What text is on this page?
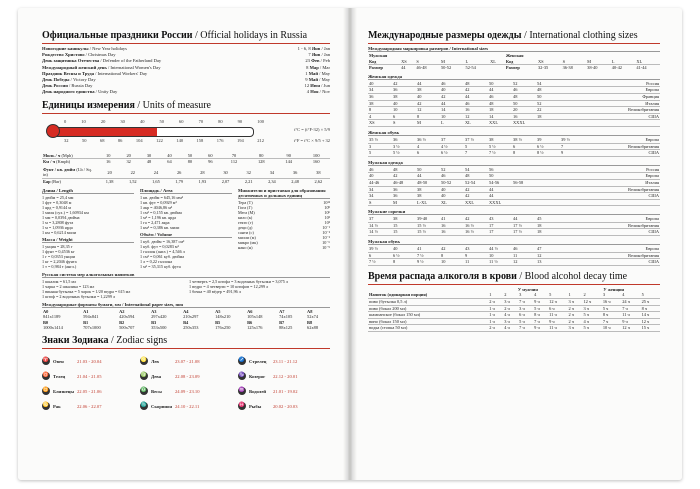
Официальные праздники России / Official holidays in Russia
Новогодние каникулы / New Year holidays	1 - 6, 8 Янв / Jan
Рождество Христово / Christmas Day	7 Янв / Jan
День защитника Отечества / Defender of the Fatherland Day	23 Фев / Feb
Международный женский день / International Women's Day	8 Мар / Mar
Праздник Весны и Труда / International Workers' Day	1 Май / May
День Победы / Victory Day	9 Май / May
День России / Russia Day	12 Июн / Jun
День народного единства / Unity Day	4 Ноя / Nov
Единицы измерения / Units of measure
0	10	20	30	40	50	60	70	80	90	100
32	50	68	86	104	122	140	158	176	194	212
t°C = (t°F-32) × 5/9
t°F = t°C × 9/5 + 32
Миль / ч (Mph)	10	20	30	40	50	60	70	80	90	100
Км / ч (Kmph)	16	32	48	64	80	96	112	128	144	160
Фунт / кв. дюйм (Lb / Sq. in)	20	22	24	26	28	30	32	34	36	38
Бар (Bar)	1,38	1,52	1,65	1,79	1,93	2,07	2,21	2,34	2,48	2,62
Длина / Length
1 дюйм = 25,4 мм
1 фут = 0,3048 м
1 ярд = 0,9144 м
1 миля (сух.) = 1,60934 км
1 мм = 0,0394 дюйма
1 м = 3,2808 фута
1 м = 1,0936 ярда
1 км = 0,6214 мили
Масса / Weight
1 унция = 28,35 г
1 фунт = 0,4536 кг
1 г = 0,0353 унции
1 кг = 2,2046 фунта
1 т = 0,984 т (англ.)
Площадь / Area
1 кв. дюйм = 645,16 мм²
1 кв. фут = 0,0929 м²
1 акр = 4046,86 м²
1 см² = 0,155 кв. дюйма
1 м² = 1,196 кв. ярда
1 га = 2,471 акра
1 км² = 0,386 кв. мили
Объём / Volume
1 куб. дюйм = 16,387 см³
1 куб. фут = 0,0283 м³
1 галлон (англ.) = 4,546 л
1 см³ = 0,061 куб. дюйма
1 л = 0,22 галлона
1 м³ = 35,315 куб. фута
Множители и приставки для образования десятичных и дольных единиц
Тера (Т)	10¹²
Гига (Г)	10⁹
Мега (М)	10⁶
кило (к)	10³
гекто (г)	10²
деци (д)	10⁻¹
санти (с)	10⁻²
милли (м)	10⁻³
микро (мк)	10⁻⁶
нано (н)	10⁻⁹
Русская система мер алкогольных напитков
1 шкалик = 61,5 мл
1 чарка = 2 шкалика = 123 мл
1 винная бутылка = 5 чарок = 1/20 ведра = 615 мл
1 штоф = 2 водочных бутылки = 1,2299 л
1 четверть = 2,5 штофа = 3 водочных бутылки = 3,075 л
1 ведро = 4 четверти = 10 штофов = 12,299 л
1 бочка = 40 вёдер = 491,96 л
Международные форматы бумаги, мм / International paper sizes, mm
A0	A1	A2	A3	A4	A5	A6	A7	A8
841х1189	594х841	420х594	297х420	210х297	148х210	105х148	74х105	52х74
B0	B1	B2	B3	B4	B5	B6	B7	B8
1000х1414	707х1000	500х707	353х500	250х353	176х250	125х176	88х125	62х88
Знаки Зодиака / Zodiac signs
♈ Овен	21.03 - 20.04	♌ Лев	23.07 - 21.08	♐ Стрелец	23.11 - 21.12
♉ Телец	21.04 - 21.05	♍ Дева	22.08 - 23.09	♑ Козерог	22.12 - 20.01
♊ Близнецы 22.05 - 21.06	♎ Весы	24.09 - 23.10	♒ Водолей	21.01 - 19.02
♋ Рак	22.06 - 22.07	♏ Скорпион 24.10 - 22.11	♓ Рыбы	20.02 - 20.03
Международные размеры одежды / International clothing sizes
Международная маркировка размеров / International sizes
Мужская						Женская					
Код	XS	S	M	L	XL	Код	XS	S	M	L	XL
Размер	44	46-48	50-52	52-54		Размер	32-35	36-38	38-40	40-42	41-44
Женская одежда
40	42	44	46	48	50	52	54		Россия
34	36	38	40	42	44	46	48		Европа
36	38	40	42	44	46	48	50		Франция
38	40	42	44	46	48	50	52		Италия
8	10	12	14	16	18	20	22		Великобритания
4	6	8	10	12	14	16	18		США
XS	S	M	L	XL	XXL	XXXL			
Женская обувь
35 ½	36	36 ½	37	37 ½	38	38 ½	39	39 ½	Европа
3	3 ½	4	4 ½	5	5 ½	6	6 ½	7	Великобритания
5	5 ½	6	6 ½	7	7 ½	8	8 ½	9	США
Мужская одежда
46	48	50	52	54	56				Россия
40	42	44	46	48	50				Европа
44-46	46-48	48-50	50-52	52-54	54-56	56-58			Италия
34	36	38	40	42	44				Великобритания
34	36	38	40	42	44				США
S	M	L-XL	XL	XXL	XXXL				
Мужские сорочки
37	38	39-40	41	42	43	44	45		Европа
14 ½	15	15 ½	16	16 ½	17	17 ½	18		Великобритания
14 ½	15	15 ½	16	16 ½	17	17 ½	18		США
Мужская обувь
39 ½	40	41	42	43	44 ½	46	47		Европа
6	6 ½	7 ½	8	9	10	11	12		Великобритания
7 ½	8	9 ½	10	11	11 ½	12	13		США
Время распада алкоголя в крови / Blood alcohol decay time
	У мужчин					У женщин				
Напиток (одинарная порция)	1	2	3	4	5	1	2	3	4	5
пиво (бутылка 0,5 л)	2 ч	3 ч	7 ч	9 ч	12 ч	3 ч	12 ч	16 ч	24 ч	25 ч
пиво (бокал 200 мл)	1 ч	2 ч	3 ч	5 ч	6 ч	2 ч	3 ч	5 ч	7 ч	8 ч
шампанское (бокал 150 мл)	1 ч	4 ч	6 ч	8 ч	11 ч	2 ч	5 ч	8 ч	11 ч	14 ч
вино (бокал 150 мл)	1 ч	3 ч	5 ч	7 ч	9 ч	2 ч	4 ч	7 ч	9 ч	12 ч
водка (стопка 50 мл)	2 ч	4 ч	7 ч	9 ч	11 ч	3 ч	5 ч	10 ч	12 ч	15 ч
